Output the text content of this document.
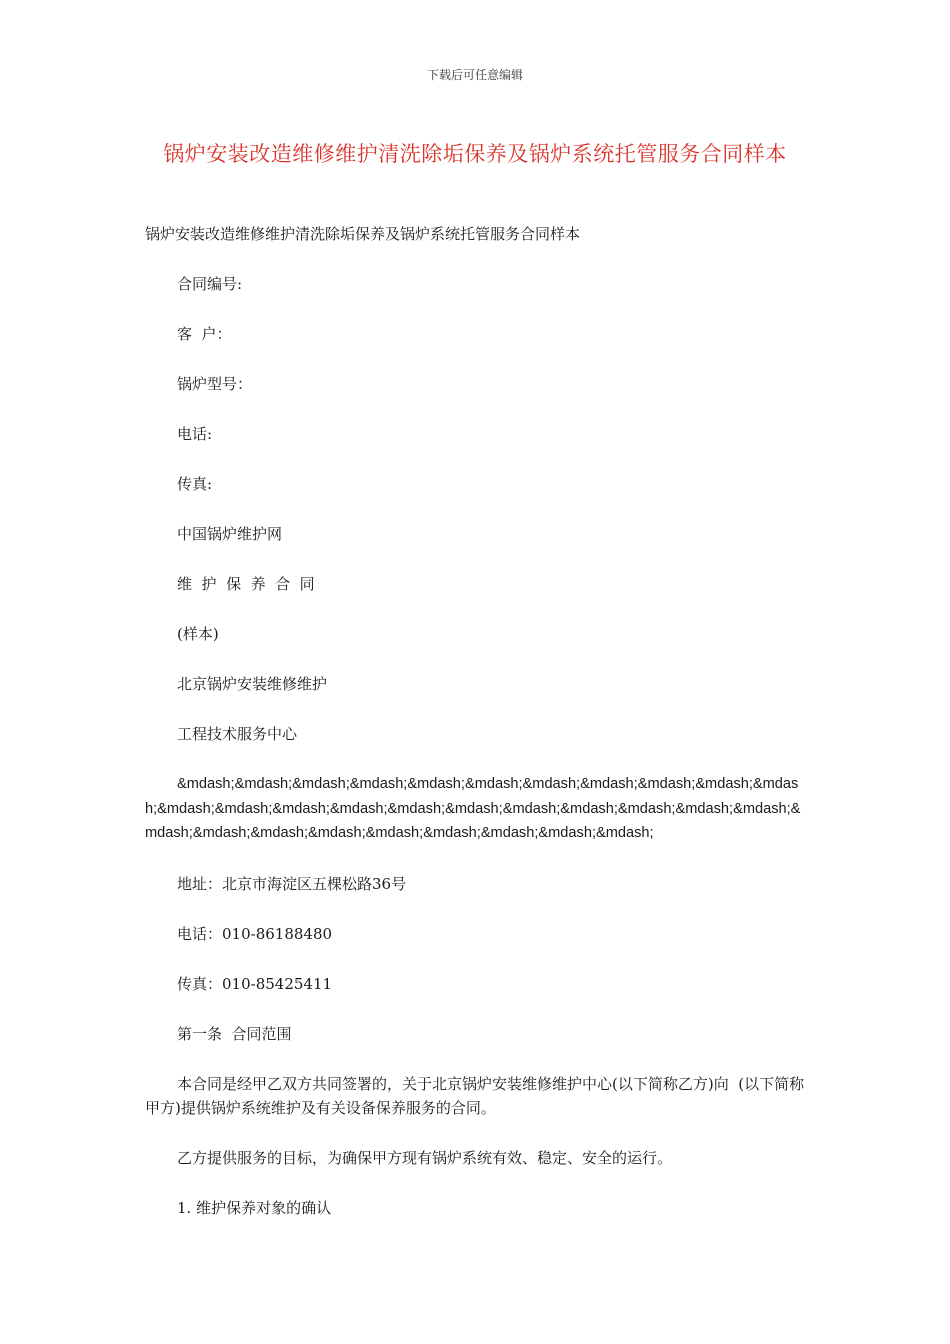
下载后可任意编辑
锅炉安装改造维修维护清洗除垢保养及锅炉系统托管服务合同样本

锅炉安装改造维修维护清洗除垢保养及锅炉系统托管服务合同样本

合同编号:

客  户：

锅炉型号：

电话:

传真:

中国锅炉维护网

维  护  保  养  合  同

(样本)

北京锅炉安装维修维护

工程技术服务中心

&mdash;&mdash;&mdash;&mdash;&mdash;&mdash;&mdash;&mdash;&mdash;&mdash;&mdash;&mdash;&mdash;&mdash;&mdash;&mdash;&mdash;&mdash;&mdash;&mdash;&mdash;&mdash;&mdash;&mdash;&mdash;&mdash;&mdash;&mdash;&mdash;&mdash;&mdash;

地址：北京市海淀区五棵松路36号

电话：010-86188480

传真：010-85425411

第一条  合同范围

本合同是经甲乙双方共同签署的，关于北京锅炉安装维修维护中心(以下简称乙方)向  (以下简称甲方)提供锅炉系统维护及有关设备保养服务的合同。

乙方提供服务的目标，为确保甲方现有锅炉系统有效、稳定、安全的运行。

1. 维护保养对象的确认
